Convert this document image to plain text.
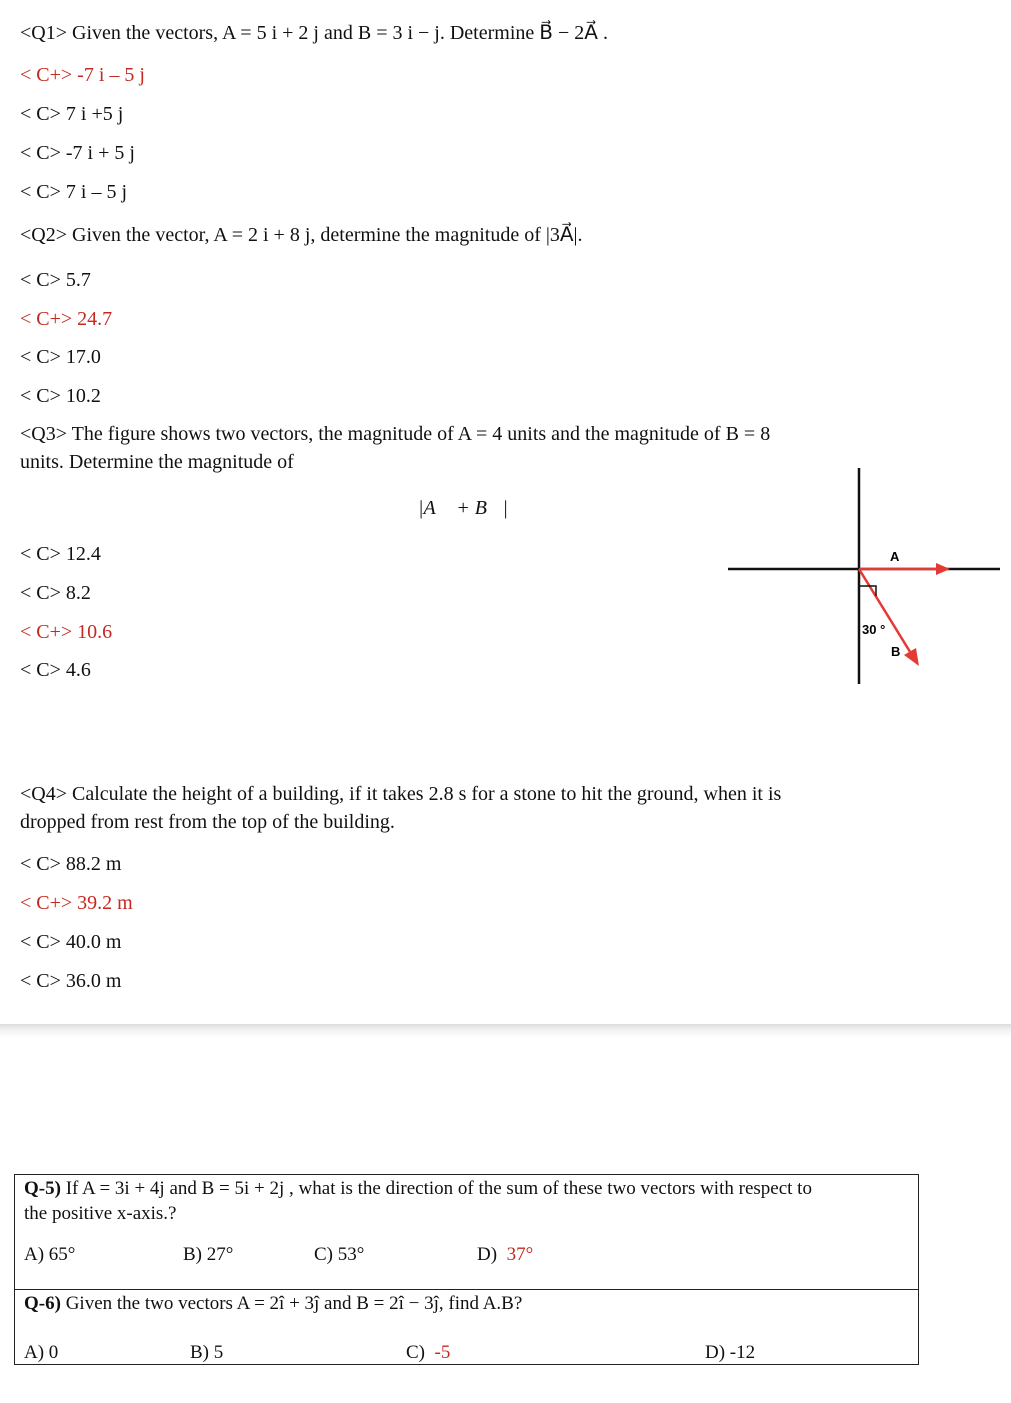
<Q1> Given the vectors, A = 5 i + 2 j and B = 3 i − j. Determine B⃗ − 2A⃗ .
< C+> -7 i – 5 j
< C> 7 i +5 j
< C> -7 i + 5 j
< C> 7 i – 5 j
<Q2> Given the vector, A = 2 i + 8 j, determine the magnitude of |3A⃗|.
< C> 5.7
< C+> 24.7
< C> 17.0
< C> 10.2
<Q3> The figure shows two vectors, the magnitude of A = 4 units and the magnitude of B = 8
units. Determine the magnitude of
|A⃗ + B⃗|
< C> 12.4
< C> 8.2
< C+> 10.6
< C> 4.6
A
B
30 °
<Q4> Calculate the height of a building, if it takes 2.8 s for a stone to hit the ground, when it is
dropped from rest from the top of the building.
< C> 88.2 m
< C+> 39.2 m
< C> 40.0 m
< C> 36.0 m
Q-5) If A = 3i + 4j and B = 5i + 2j , what is the direction of the sum of these two vectors with respect to
the positive x-axis.?
A) 65°	B) 27°	C) 53°	D)  37°
Q-6) Given the two vectors A = 2î + 3ĵ and B = 2î − 3ĵ, find A.B?
A) 0	B) 5	C)  -5	D) -12
